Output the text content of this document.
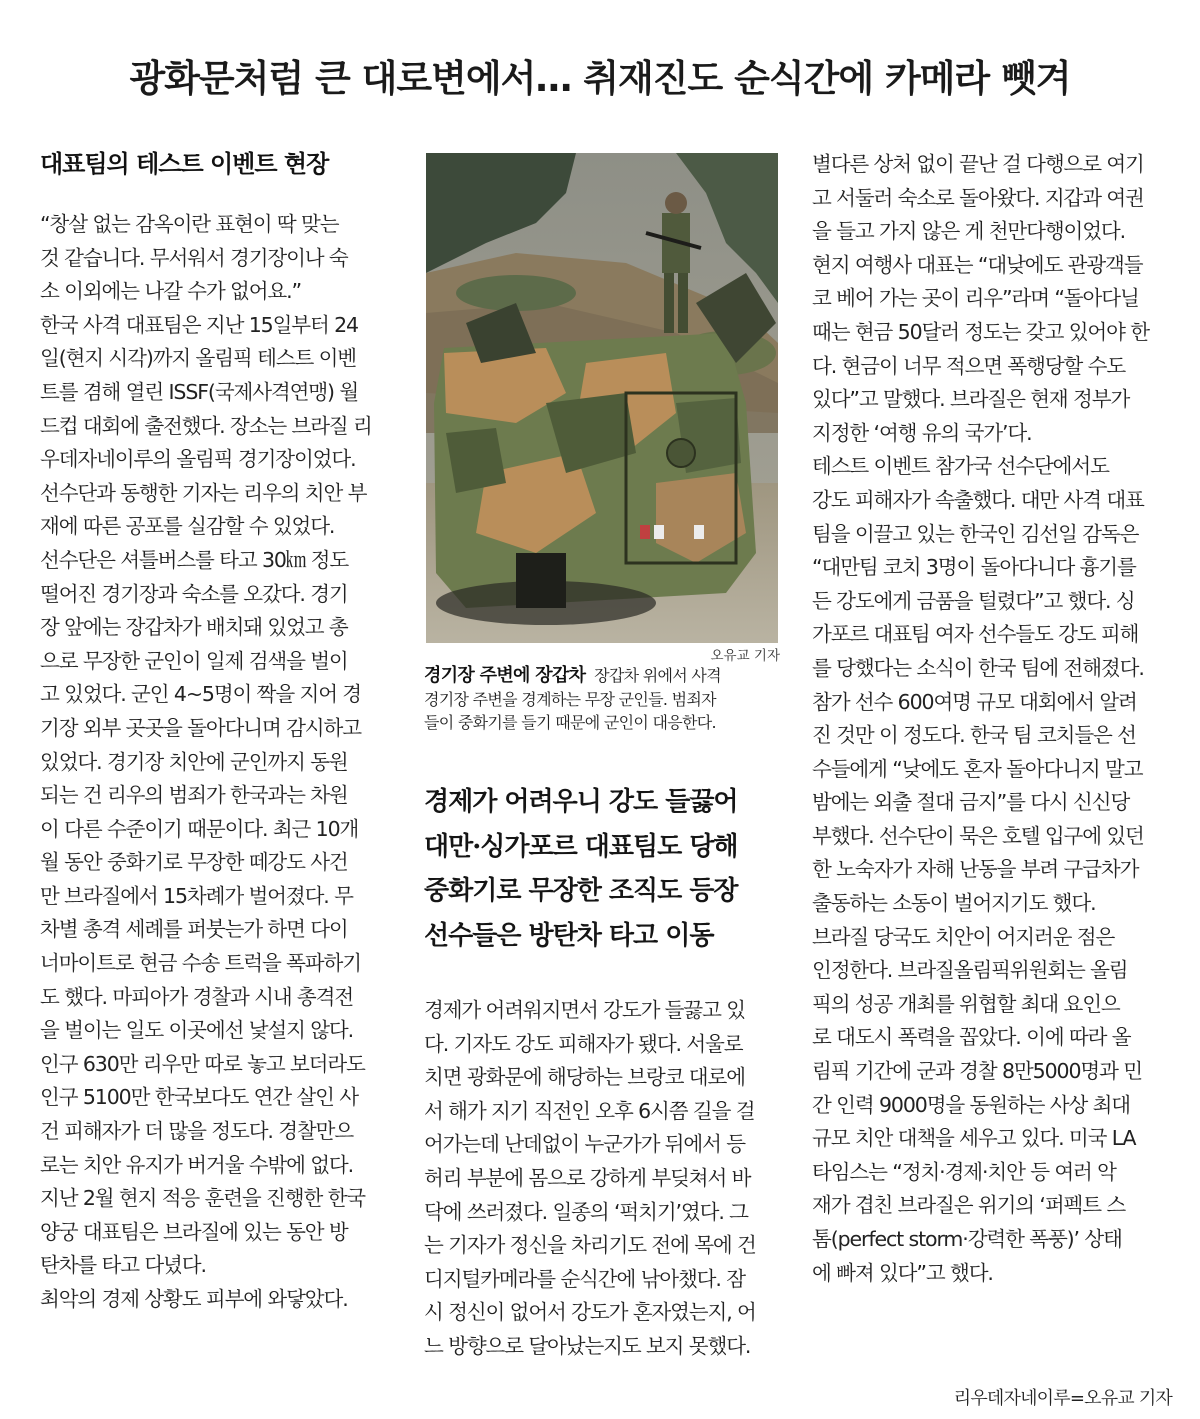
광화문처럼 큰 대로변에서… 취재진도 순식간에 카메라 뺏겨
대표팀의 테스트 이벤트 현장

“창살 없는 감옥이란 표현이 딱 맞는

것 같습니다. 무서워서 경기장이나 숙

소 이외에는 나갈 수가 없어요.”

한국 사격 대표팀은 지난 15일부터 24

일(현지 시각)까지 올림픽 테스트 이벤

트를 겸해 열린 ISSF(국제사격연맹) 월

드컵 대회에 출전했다. 장소는 브라질 리

우데자네이루의 올림픽 경기장이었다.

선수단과 동행한 기자는 리우의 치안 부

재에 따른 공포를 실감할 수 있었다.

선수단은 셔틀버스를 타고 30㎞ 정도

떨어진 경기장과 숙소를 오갔다. 경기

장 앞에는 장갑차가 배치돼 있었고 총

으로 무장한 군인이 일제 검색을 벌이

고 있었다. 군인 4~5명이 짝을 지어 경

기장 외부 곳곳을 돌아다니며 감시하고

있었다. 경기장 치안에 군인까지 동원

되는 건 리우의 범죄가 한국과는 차원

이 다른 수준이기 때문이다. 최근 10개

월 동안 중화기로 무장한 떼강도 사건

만 브라질에서 15차례가 벌어졌다. 무

차별 총격 세례를 퍼붓는가 하면 다이

너마이트로 현금 수송 트럭을 폭파하기

도 했다. 마피아가 경찰과 시내 총격전

을 벌이는 일도 이곳에선 낯설지 않다.

인구 630만 리우만 따로 놓고 보더라도

인구 5100만 한국보다도 연간 살인 사

건 피해자가 더 많을 정도다. 경찰만으

로는 치안 유지가 버거울 수밖에 없다.

지난 2월 현지 적응 훈련을 진행한 한국

양궁 대표팀은 브라질에 있는 동안 방

탄차를 타고 다녔다.

최악의 경제 상황도 피부에 와닿았다.

오유교 기자

경기장 주변에 장갑차 장갑차 위에서 사격

경기장 주변을 경계하는 무장 군인들. 범죄자

들이 중화기를 들기 때문에 군인이 대응한다.

경제가 어려우니 강도 들끓어

대만·싱가포르 대표팀도 당해

중화기로 무장한 조직도 등장

선수들은 방탄차 타고 이동

경제가 어려워지면서 강도가 들끓고 있

다. 기자도 강도 피해자가 됐다. 서울로

치면 광화문에 해당하는 브랑코 대로에

서 해가 지기 직전인 오후 6시쯤 길을 걸

어가는데 난데없이 누군가가 뒤에서 등

허리 부분에 몸으로 강하게 부딪쳐서 바

닥에 쓰러졌다. 일종의 ‘퍽치기’였다. 그

는 기자가 정신을 차리기도 전에 목에 건

디지털카메라를 순식간에 낚아챘다. 잠

시 정신이 없어서 강도가 혼자였는지, 어

느 방향으로 달아났는지도 보지 못했다.

별다른 상처 없이 끝난 걸 다행으로 여기

고 서둘러 숙소로 돌아왔다. 지갑과 여권

을 들고 가지 않은 게 천만다행이었다.

현지 여행사 대표는 “대낮에도 관광객들

코 베어 가는 곳이 리우”라며 “돌아다닐

때는 현금 50달러 정도는 갖고 있어야 한

다. 현금이 너무 적으면 폭행당할 수도

있다”고 말했다. 브라질은 현재 정부가

지정한 ‘여행 유의 국가’다.

테스트 이벤트 참가국 선수단에서도

강도 피해자가 속출했다. 대만 사격 대표

팀을 이끌고 있는 한국인 김선일 감독은

“대만팀 코치 3명이 돌아다니다 흉기를

든 강도에게 금품을 털렸다”고 했다. 싱

가포르 대표팀 여자 선수들도 강도 피해

를 당했다는 소식이 한국 팀에 전해졌다.

참가 선수 600여명 규모 대회에서 알려

진 것만 이 정도다. 한국 팀 코치들은 선

수들에게 “낮에도 혼자 돌아다니지 말고

밤에는 외출 절대 금지”를 다시 신신당

부했다. 선수단이 묵은 호텔 입구에 있던

한 노숙자가 자해 난동을 부려 구급차가

출동하는 소동이 벌어지기도 했다.

브라질 당국도 치안이 어지러운 점은

인정한다. 브라질올림픽위원회는 올림

픽의 성공 개최를 위협할 최대 요인으

로 대도시 폭력을 꼽았다. 이에 따라 올

림픽 기간에 군과 경찰 8만5000명과 민

간 인력 9000명을 동원하는 사상 최대

규모 치안 대책을 세우고 있다. 미국 LA

타임스는 “정치·경제·치안 등 여러 악

재가 겹친 브라질은 위기의 ‘퍼펙트 스

톰(perfect storm·강력한 폭풍)’ 상태

에 빠져 있다”고 했다.

리우데자네이루=오유교 기자
